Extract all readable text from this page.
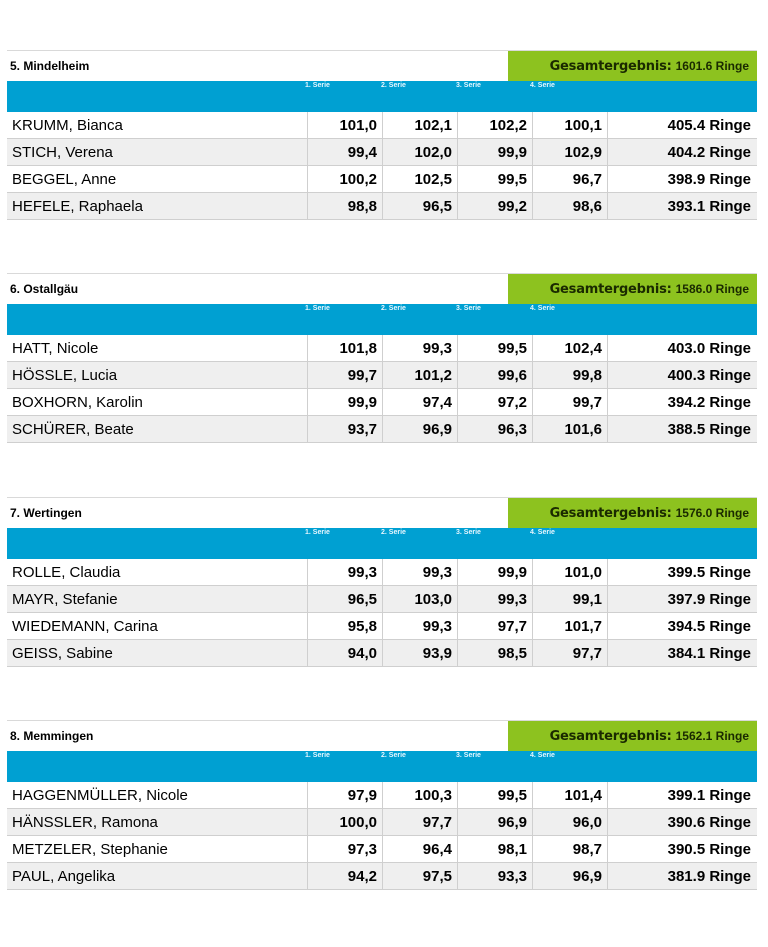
5. Mindelheim	Gesamtergebnis: 1601.6 Ringe
1. Serie	2. Serie	3. Serie	4. Serie
KRUMM, Bianca	101,0	102,1	102,2	100,1	405.4 Ringe
STICH, Verena	99,4	102,0	99,9	102,9	404.2 Ringe
BEGGEL, Anne	100,2	102,5	99,5	96,7	398.9 Ringe
HEFELE, Raphaela	98,8	96,5	99,2	98,6	393.1 Ringe
6. Ostallgäu	Gesamtergebnis: 1586.0 Ringe
1. Serie	2. Serie	3. Serie	4. Serie
HATT, Nicole	101,8	99,3	99,5	102,4	403.0 Ringe
HÖSSLE, Lucia	99,7	101,2	99,6	99,8	400.3 Ringe
BOXHORN, Karolin	99,9	97,4	97,2	99,7	394.2 Ringe
SCHÜRER, Beate	93,7	96,9	96,3	101,6	388.5 Ringe
7. Wertingen	Gesamtergebnis: 1576.0 Ringe
1. Serie	2. Serie	3. Serie	4. Serie
ROLLE, Claudia	99,3	99,3	99,9	101,0	399.5 Ringe
MAYR, Stefanie	96,5	103,0	99,3	99,1	397.9 Ringe
WIEDEMANN, Carina	95,8	99,3	97,7	101,7	394.5 Ringe
GEISS, Sabine	94,0	93,9	98,5	97,7	384.1 Ringe
8. Memmingen	Gesamtergebnis: 1562.1 Ringe
1. Serie	2. Serie	3. Serie	4. Serie
HAGGENMÜLLER, Nicole	97,9	100,3	99,5	101,4	399.1 Ringe
HÄNSSLER, Ramona	100,0	97,7	96,9	96,0	390.6 Ringe
METZELER, Stephanie	97,3	96,4	98,1	98,7	390.5 Ringe
PAUL, Angelika	94,2	97,5	93,3	96,9	381.9 Ringe
